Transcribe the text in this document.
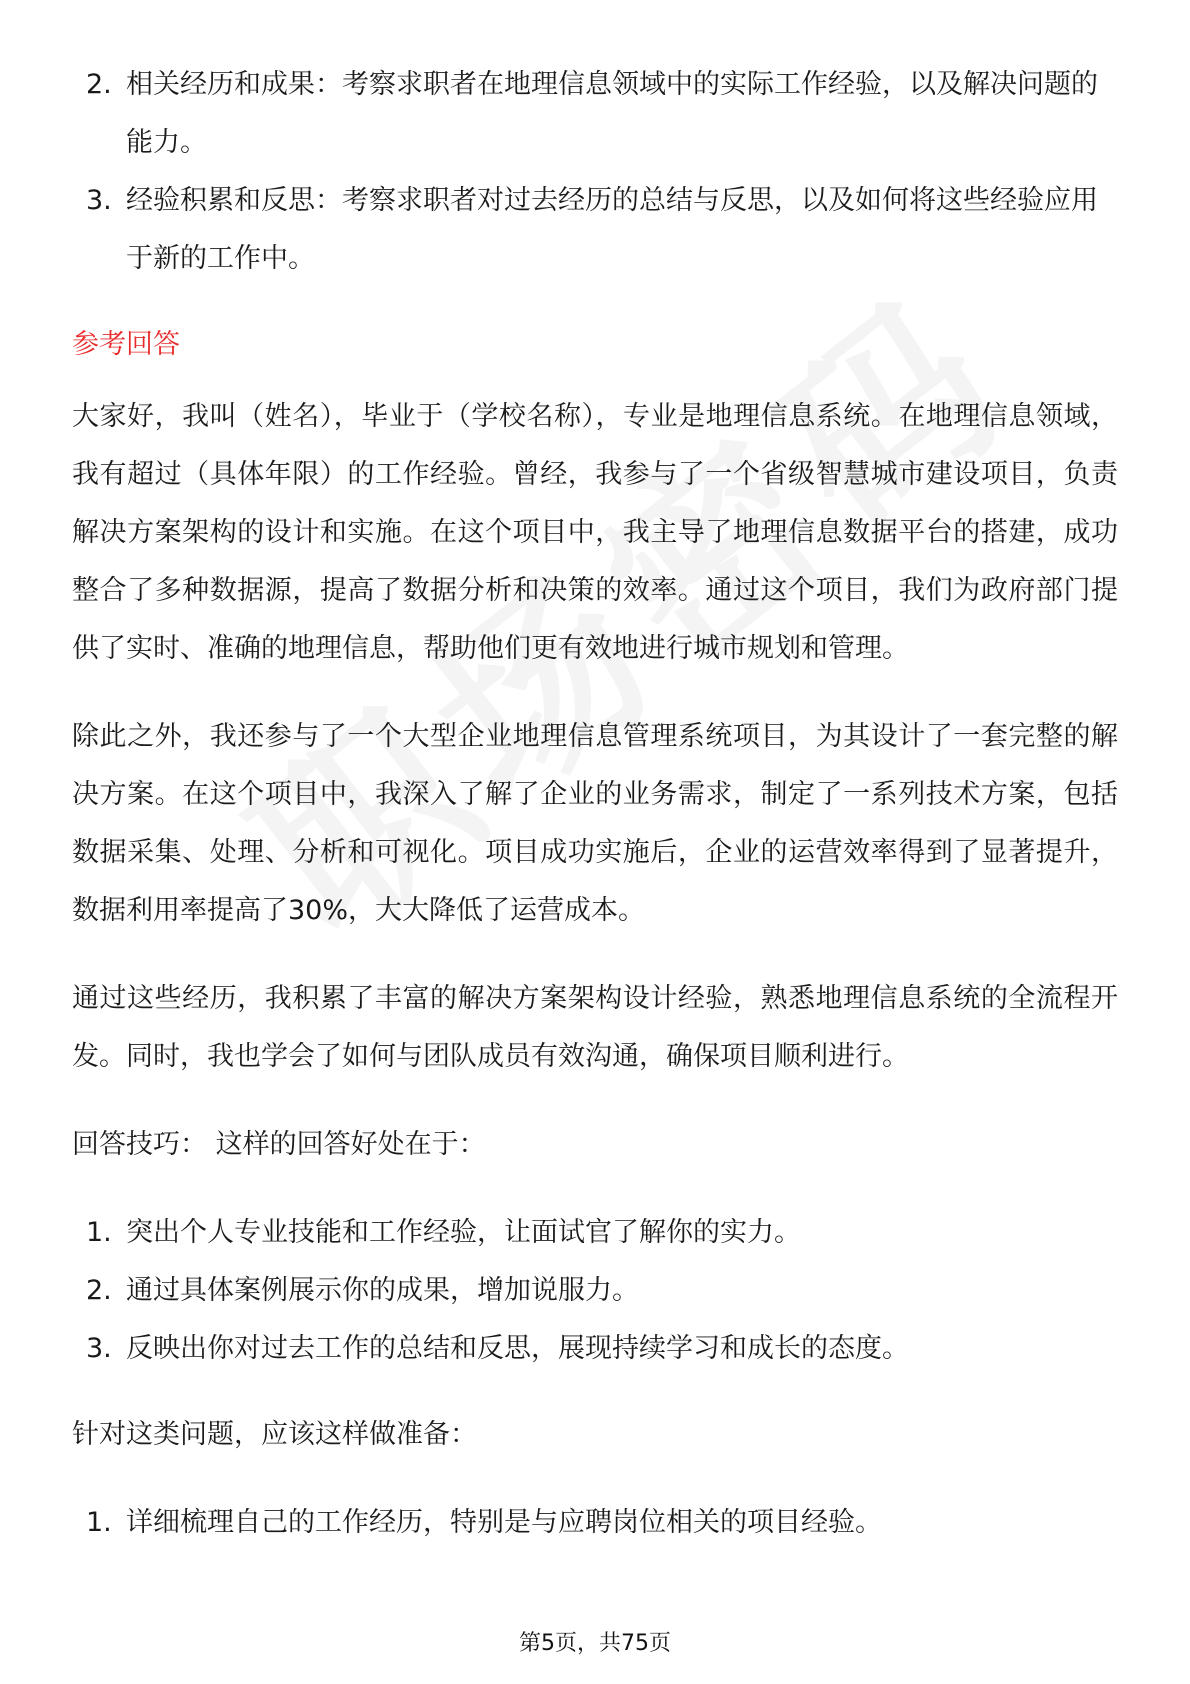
2. 相关经历和成果：考察求职者在地理信息领域中的实际工作经验，以及解决问题的能力。
3. 经验积累和反思：考察求职者对过去经历的总结与反思，以及如何将这些经验应用于新的工作中。
参考回答

大家好，我叫（姓名），毕业于（学校名称），专业是地理信息系统。在地理信息领域，我有超过（具体年限）的工作经验。曾经，我参与了一个省级智慧城市建设项目，负责解决方案架构的设计和实施。在这个项目中，我主导了地理信息数据平台的搭建，成功整合了多种数据源，提高了数据分析和决策的效率。通过这个项目，我们为政府部门提供了实时、准确的地理信息，帮助他们更有效地进行城市规划和管理。

除此之外，我还参与了一个大型企业地理信息管理系统项目，为其设计了一套完整的解决方案。在这个项目中，我深入了解了企业的业务需求，制定了一系列技术方案，包括数据采集、处理、分析和可视化。项目成功实施后，企业的运营效率得到了显著提升，数据利用率提高了30%，大大降低了运营成本。

通过这些经历，我积累了丰富的解决方案架构设计经验，熟悉地理信息系统的全流程开发。同时，我也学会了如何与团队成员有效沟通，确保项目顺利进行。

回答技巧： 这样的回答好处在于：
1. 突出个人专业技能和工作经验，让面试官了解你的实力。
2. 通过具体案例展示你的成果，增加说服力。
3. 反映出你对过去工作的总结和反思，展现持续学习和成长的态度。
针对这类问题，应该这样做准备：
1. 详细梳理自己的工作经历，特别是与应聘岗位相关的项目经验。
第5页，共75页
